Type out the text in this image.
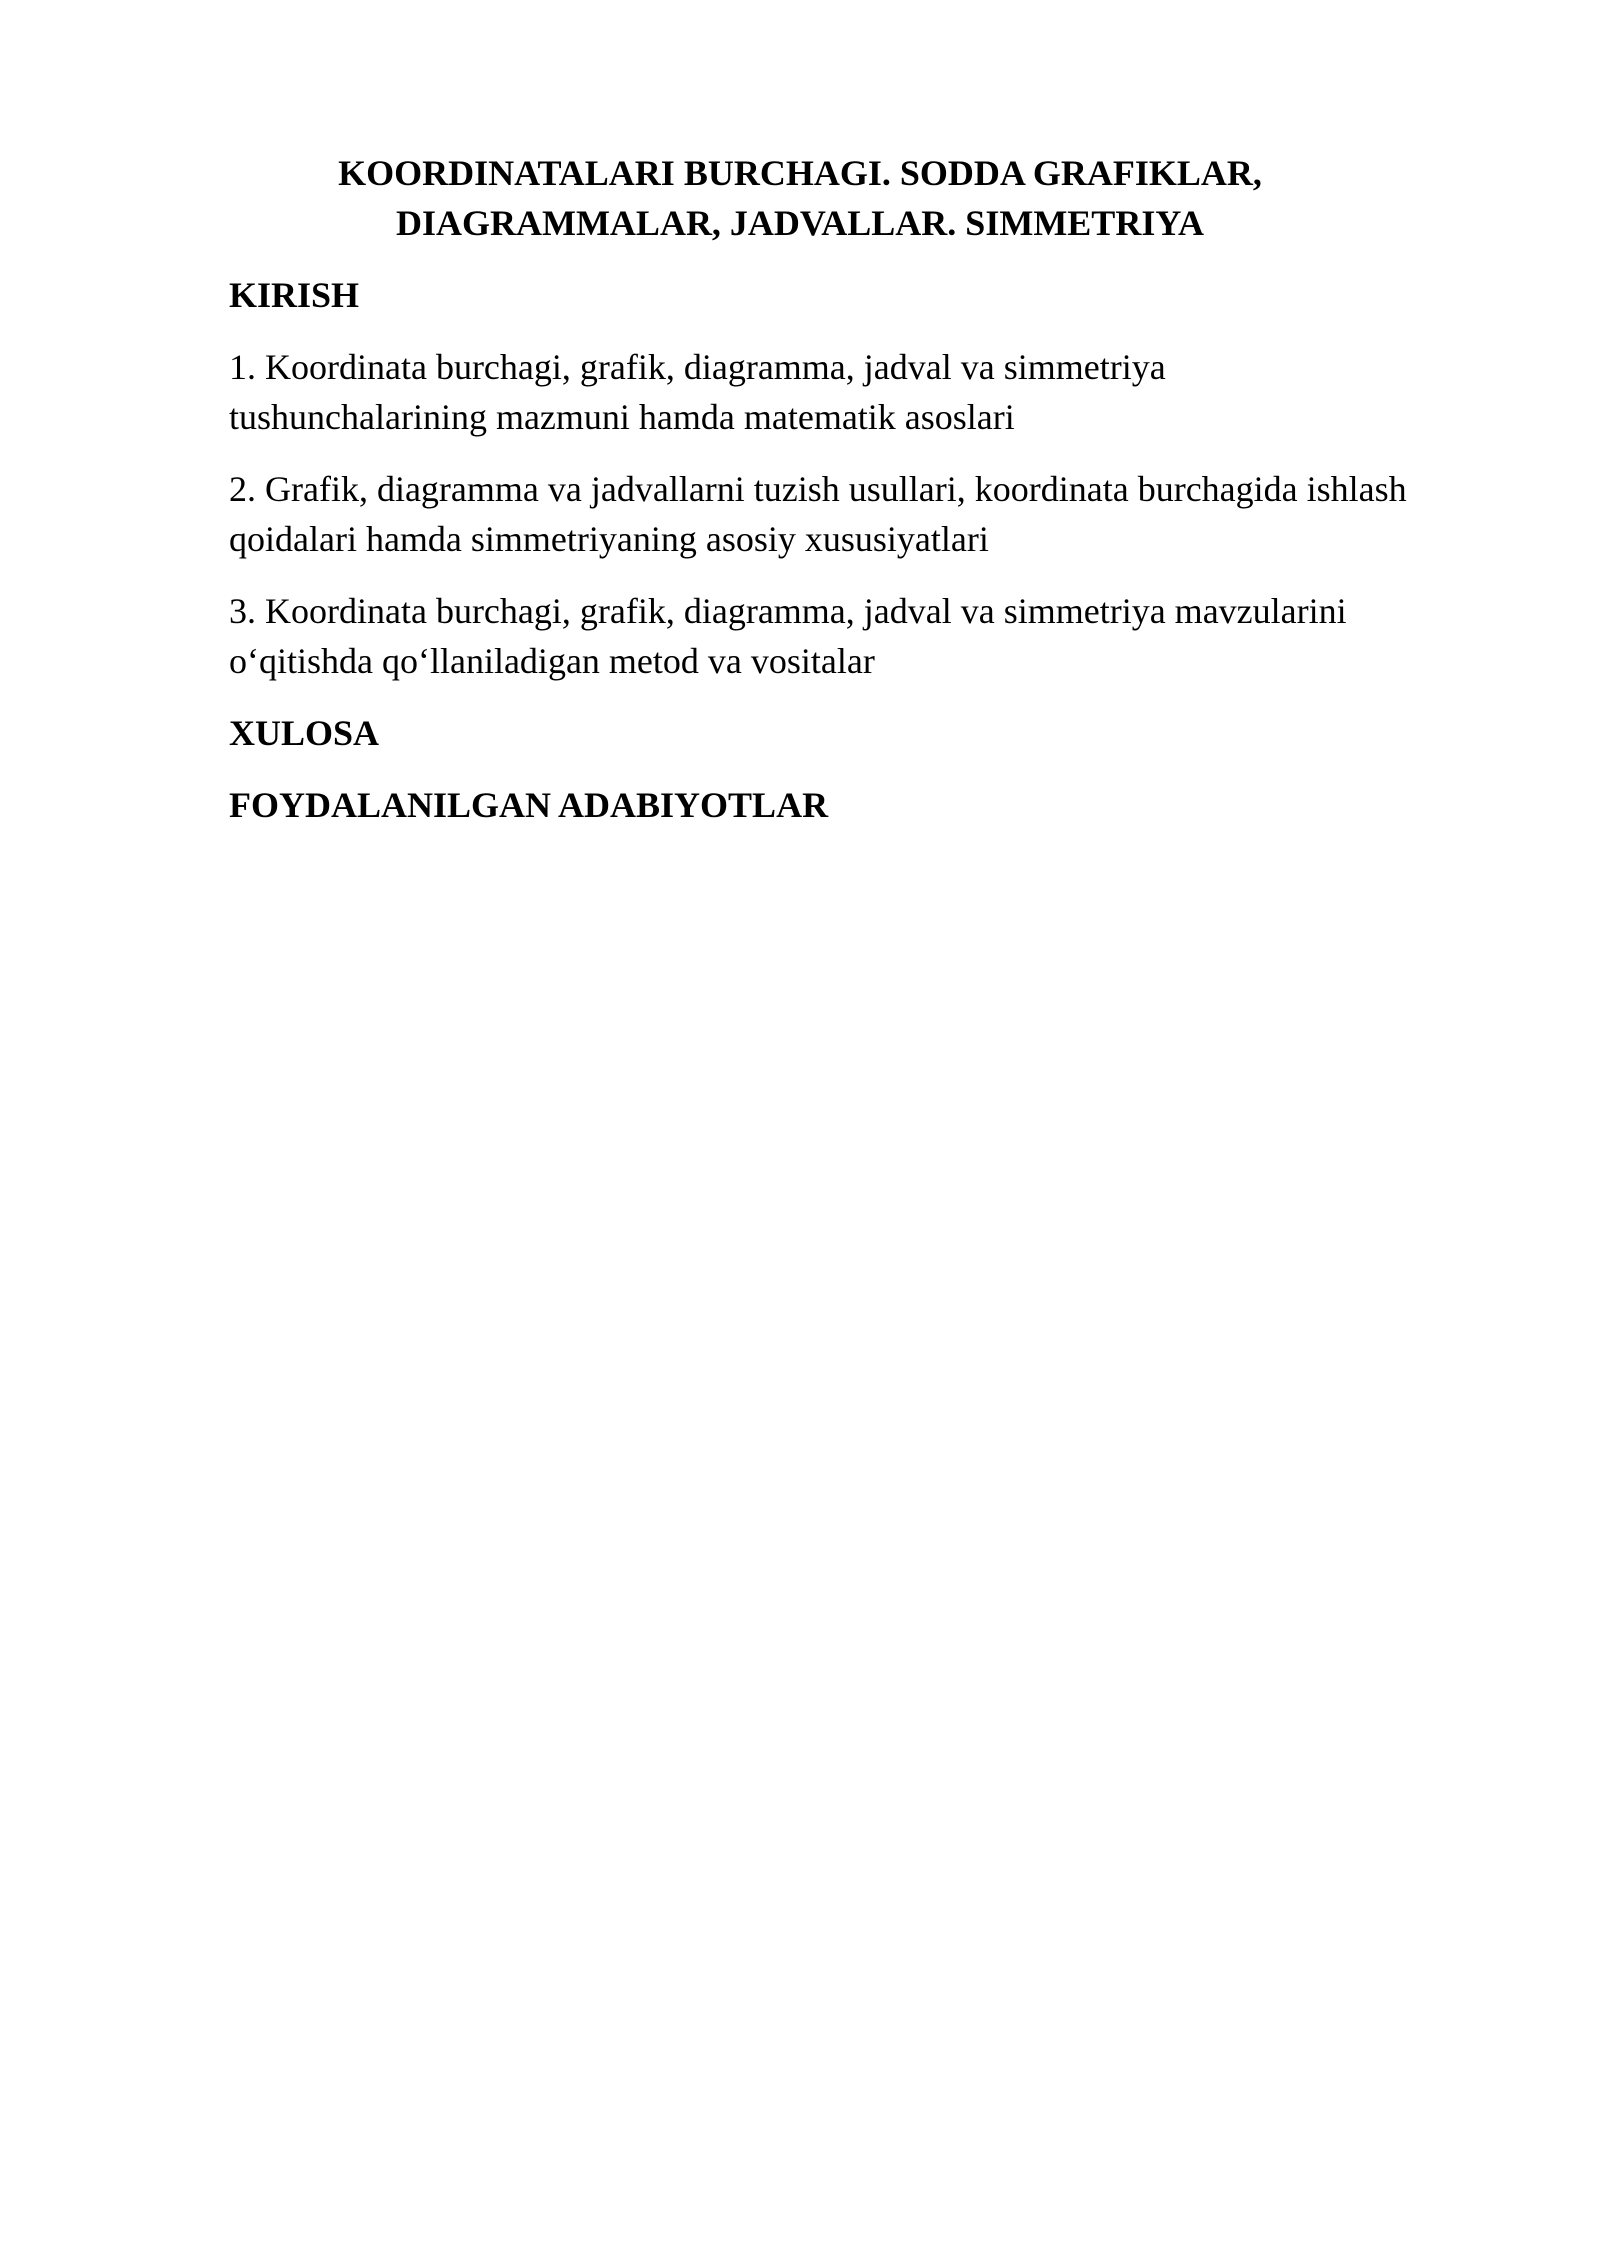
KOORDINATALARI BURCHAGI. SODDA GRAFIKLAR,
DIAGRAMMALAR, JADVALLAR. SIMMETRIYA

KIRISH

1. Koordinata burchagi, grafik, diagramma, jadval va simmetriya
tushunchalarining mazmuni hamda matematik asoslari

2. Grafik, diagramma va jadvallarni tuzish usullari, koordinata burchagida ishlash
qoidalari hamda simmetriyaning asosiy xususiyatlari

3. Koordinata burchagi, grafik, diagramma, jadval va simmetriya mavzularini
o‘qitishda qo‘llaniladigan metod va vositalar

XULOSA

FOYDALANILGAN ADABIYOTLAR
